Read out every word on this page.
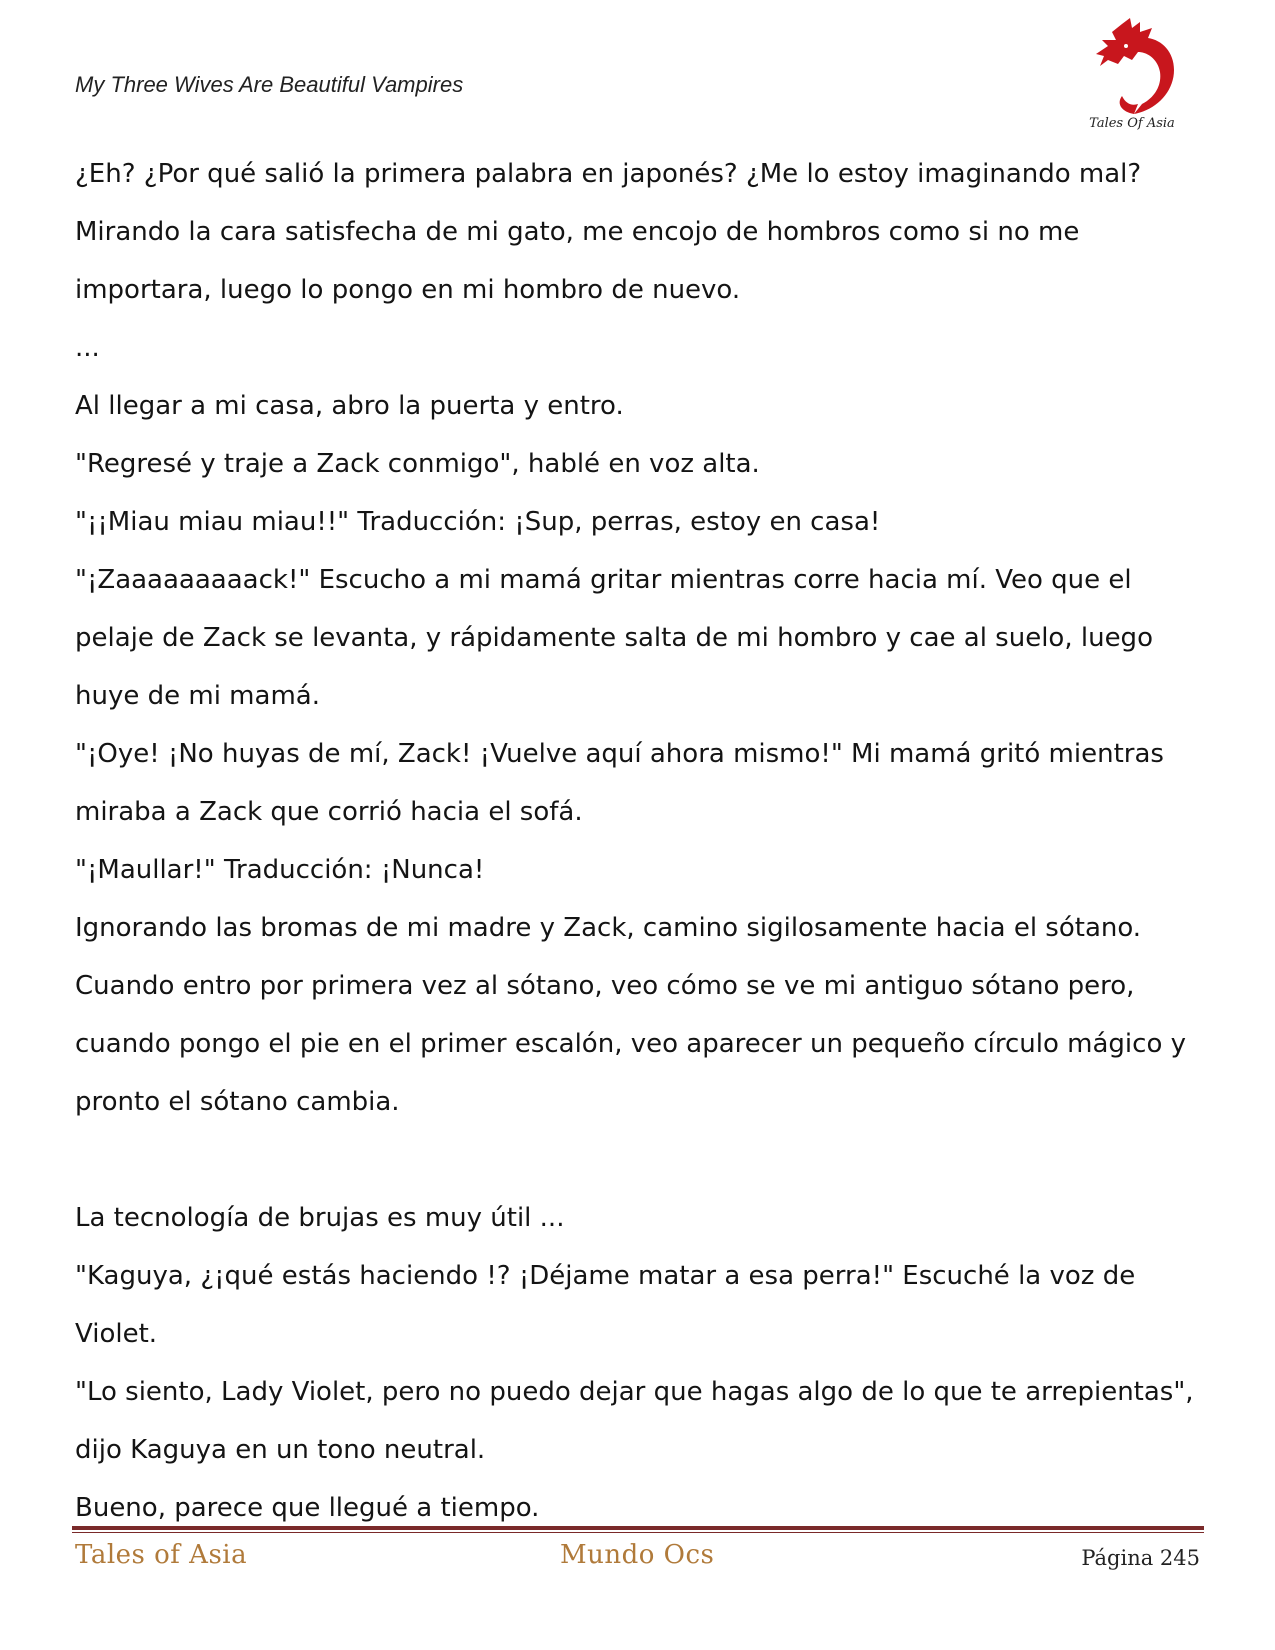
My Three Wives Are Beautiful Vampires
Tales Of Asia

¿Eh? ¿Por qué salió la primera palabra en japonés? ¿Me lo estoy imaginando mal?

Mirando la cara satisfecha de mi gato, me encojo de hombros como si no me importara, luego lo pongo en mi hombro de nuevo.

...

Al llegar a mi casa, abro la puerta y entro.

"Regresé y traje a Zack conmigo", hablé en voz alta.

"¡¡Miau miau miau!!" Traducción: ¡Sup, perras, estoy en casa!

"¡Zaaaaaaaaack!" Escucho a mi mamá gritar mientras corre hacia mí. Veo que el pelaje de Zack se levanta, y rápidamente salta de mi hombro y cae al suelo, luego huye de mi mamá.

"¡Oye! ¡No huyas de mí, Zack! ¡Vuelve aquí ahora mismo!" Mi mamá gritó mientras miraba a Zack que corrió hacia el sofá.

"¡Maullar!" Traducción: ¡Nunca!

Ignorando las bromas de mi madre y Zack, camino sigilosamente hacia el sótano.

Cuando entro por primera vez al sótano, veo cómo se ve mi antiguo sótano pero, cuando pongo el pie en el primer escalón, veo aparecer un pequeño círculo mágico y pronto el sótano cambia.

La tecnología de brujas es muy útil ...

"Kaguya, ¿¡qué estás haciendo !? ¡Déjame matar a esa perra!" Escuché la voz de Violet.

"Lo siento, Lady Violet, pero no puedo dejar que hagas algo de lo que te arrepientas", dijo Kaguya en un tono neutral.

Bueno, parece que llegué a tiempo.

Tales of Asia	Mundo Ocs	Página 245
